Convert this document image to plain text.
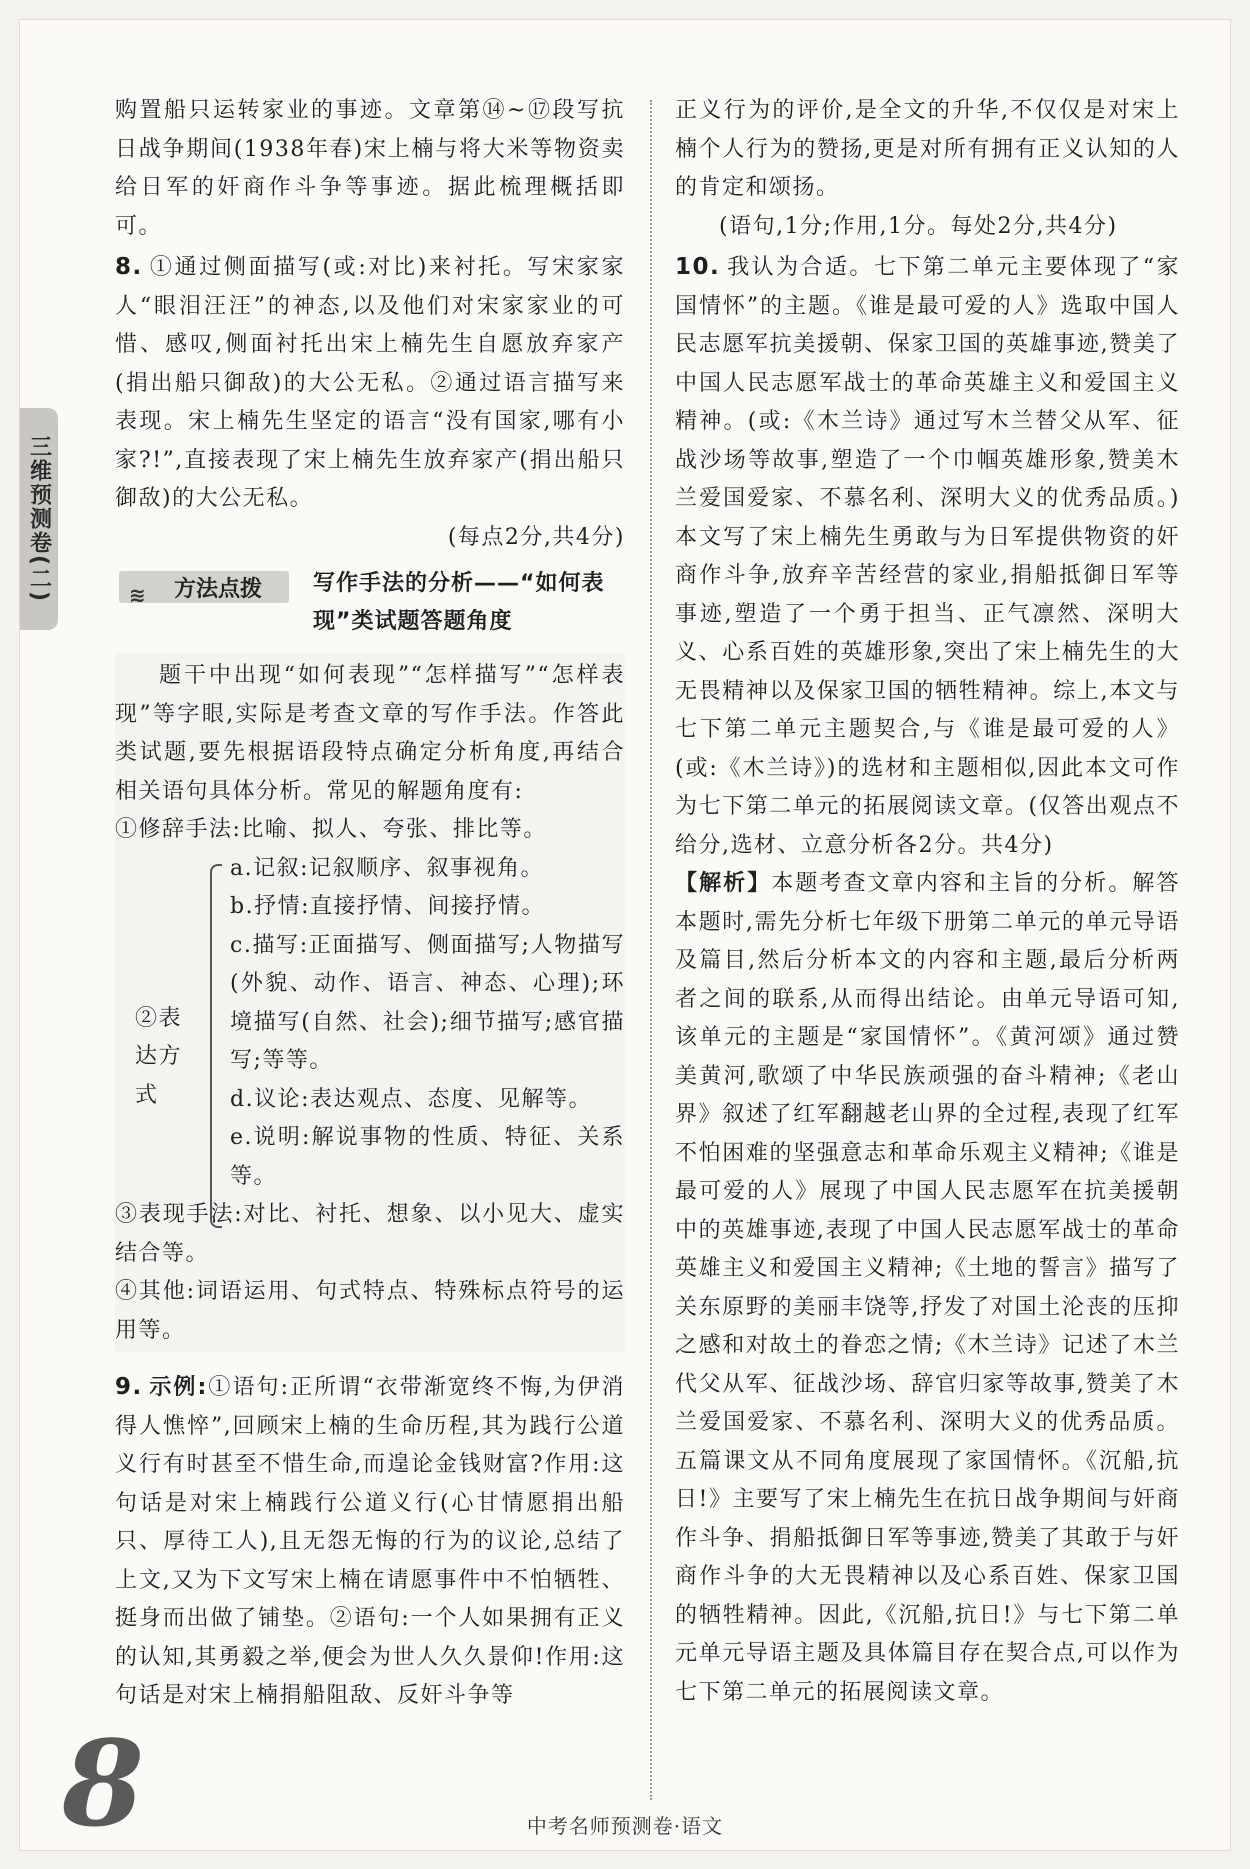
三维预测卷(二)

购置船只运转家业的事迹。文章第⑭~⑰段写抗日战争期间(1938年春)宋上楠与将大米等物资卖给日军的奸商作斗争等事迹。据此梳理概括即可。

8. ①通过侧面描写(或:对比)来衬托。写宋家家人“眼泪汪汪”的神态,以及他们对宋家家业的可惜、感叹,侧面衬托出宋上楠先生自愿放弃家产(捐出船只御敌)的大公无私。②通过语言描写来表现。宋上楠先生坚定的语言“没有国家,哪有小家?!”,直接表现了宋上楠先生放弃家产(捐出船只御敌)的大公无私。

(每点2分,共4分)

≋ 方法点拨 写作手法的分析——“如何表现”类试题答题角度

题干中出现“如何表现”“怎样描写”“怎样表现”等字眼,实际是考查文章的写作手法。作答此类试题,要先根据语段特点确定分析角度,再结合相关语句具体分析。常见的解题角度有:

①修辞手法:比喻、拟人、夸张、排比等。

②表达方式

a.记叙:记叙顺序、叙事视角。

b.抒情:直接抒情、间接抒情。

c.描写:正面描写、侧面描写;人物描写(外貌、动作、语言、神态、心理);环境描写(自然、社会);细节描写;感官描写;等等。

d.议论:表达观点、态度、见解等。

e.说明:解说事物的性质、特征、关系等。

③表现手法:对比、衬托、想象、以小见大、虚实结合等。

④其他:词语运用、句式特点、特殊标点符号的运用等。

9. 示例:①语句:正所谓“衣带渐宽终不悔,为伊消得人憔悴”,回顾宋上楠的生命历程,其为践行公道义行有时甚至不惜生命,而遑论金钱财富?作用:这句话是对宋上楠践行公道义行(心甘情愿捐出船只、厚待工人),且无怨无悔的行为的议论,总结了上文,又为下文写宋上楠在请愿事件中不怕牺牲、挺身而出做了铺垫。②语句:一个人如果拥有正义的认知,其勇毅之举,便会为世人久久景仰!作用:这句话是对宋上楠捐船阻敌、反奸斗争等

正义行为的评价,是全文的升华,不仅仅是对宋上楠个人行为的赞扬,更是对所有拥有正义认知的人的肯定和颂扬。

(语句,1分;作用,1分。每处2分,共4分)

10. 我认为合适。七下第二单元主要体现了“家国情怀”的主题。《谁是最可爱的人》选取中国人民志愿军抗美援朝、保家卫国的英雄事迹,赞美了中国人民志愿军战士的革命英雄主义和爱国主义精神。(或:《木兰诗》通过写木兰替父从军、征战沙场等故事,塑造了一个巾帼英雄形象,赞美木兰爱国爱家、不慕名利、深明大义的优秀品质。)本文写了宋上楠先生勇敢与为日军提供物资的奸商作斗争,放弃辛苦经营的家业,捐船抵御日军等事迹,塑造了一个勇于担当、正气凛然、深明大义、心系百姓的英雄形象,突出了宋上楠先生的大无畏精神以及保家卫国的牺牲精神。综上,本文与七下第二单元主题契合,与《谁是最可爱的人》(或:《木兰诗》)的选材和主题相似,因此本文可作为七下第二单元的拓展阅读文章。(仅答出观点不给分,选材、立意分析各2分。共4分)

【解析】本题考查文章内容和主旨的分析。解答本题时,需先分析七年级下册第二单元的单元导语及篇目,然后分析本文的内容和主题,最后分析两者之间的联系,从而得出结论。由单元导语可知,该单元的主题是“家国情怀”。《黄河颂》通过赞美黄河,歌颂了中华民族顽强的奋斗精神;《老山界》叙述了红军翻越老山界的全过程,表现了红军不怕困难的坚强意志和革命乐观主义精神;《谁是最可爱的人》展现了中国人民志愿军在抗美援朝中的英雄事迹,表现了中国人民志愿军战士的革命英雄主义和爱国主义精神;《土地的誓言》描写了关东原野的美丽丰饶等,抒发了对国土沦丧的压抑之感和对故土的眷恋之情;《木兰诗》记述了木兰代父从军、征战沙场、辞官归家等故事,赞美了木兰爱国爱家、不慕名利、深明大义的优秀品质。五篇课文从不同角度展现了家国情怀。《沉船,抗日!》主要写了宋上楠先生在抗日战争期间与奸商作斗争、捐船抵御日军等事迹,赞美了其敢于与奸商作斗争的大无畏精神以及心系百姓、保家卫国的牺牲精神。因此,《沉船,抗日!》与七下第二单元单元导语主题及具体篇目存在契合点,可以作为七下第二单元的拓展阅读文章。

8	中考名师预测卷·语文
